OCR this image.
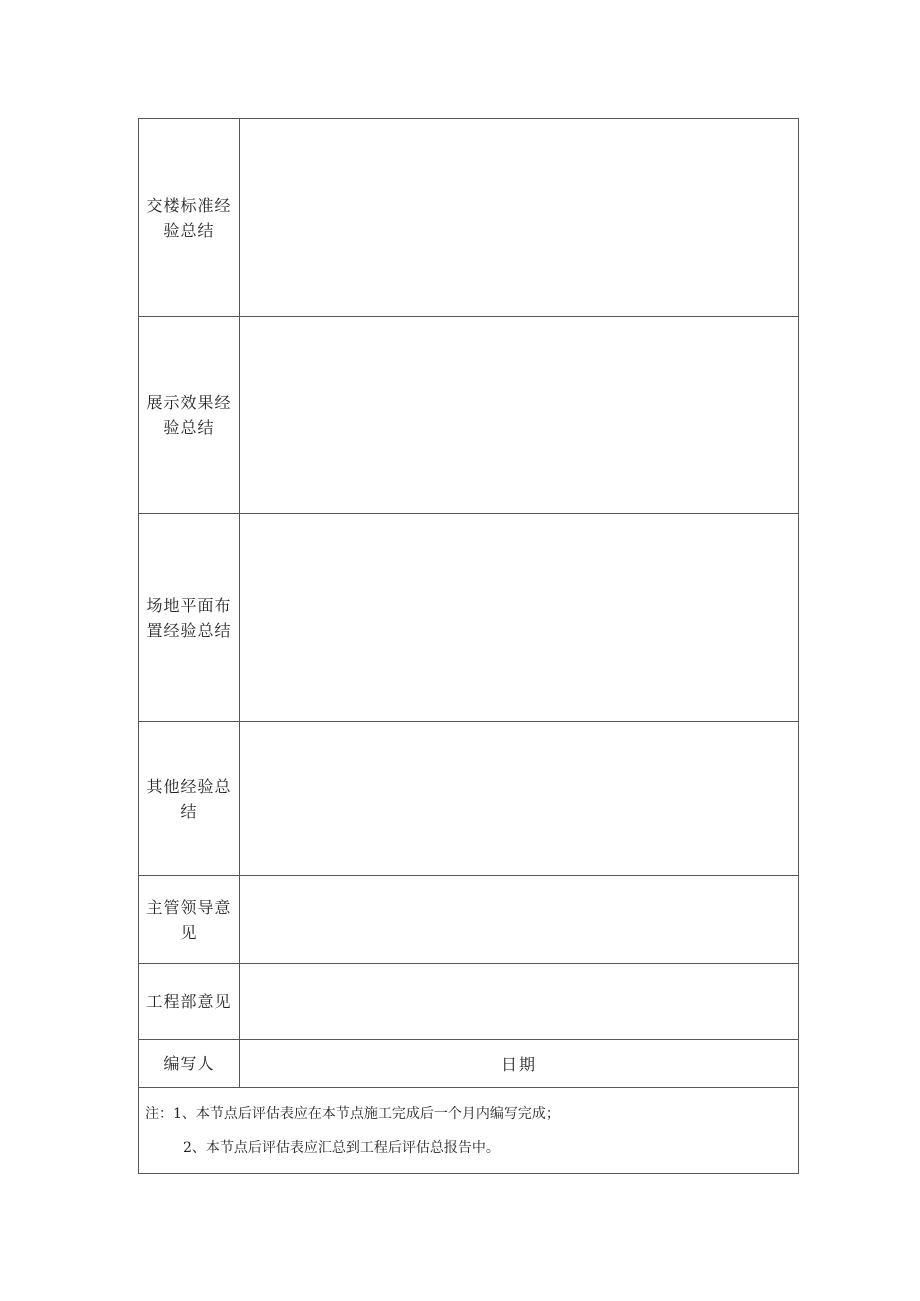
交楼标准经验总结	
展示效果经验总结	
场地平面布置经验总结	
其他经验总结	
主管领导意见	
工程部意见	
编写人	日期

注：1、本节点后评估表应在本节点施工完成后一个月内编写完成；
2、本节点后评估表应汇总到工程后评估总报告中。	
